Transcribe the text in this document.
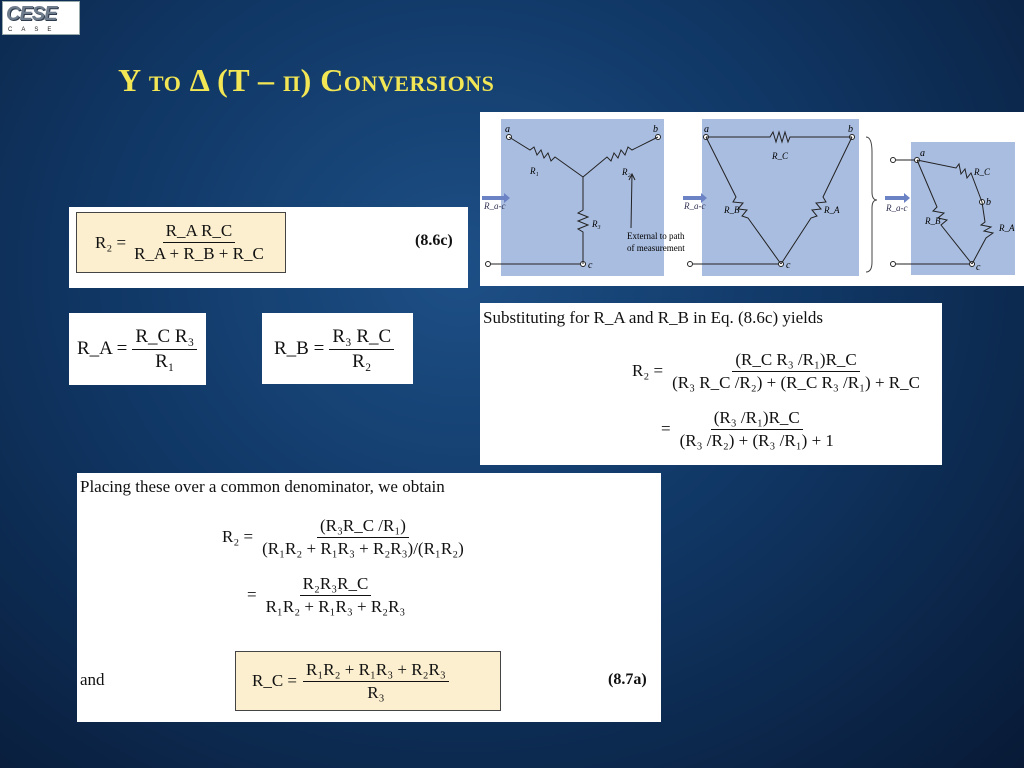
CESE
CASE
Y to Δ (T – π) Conversions
$R_2 = \frac{\text{R\_A R\_C}}{R\_A + R\_B + R\_C}$	(8.6c)
R_A = $\frac{\text{R\_C R₃}}{\text{R₁}}$	R_B = $\frac{\text{R₃ R\_C}}{\text{R₂}}$
a	b
c
R₁	R₂
R₃
R_a-c
External to path
of measurement
a	b
c
R_C
R_B	R_A
R_a-c
a
b
c
R_C
R_B
R_A
R_a-c
Substituting for R_A and R_B in Eq. (8.6c) yields
$R_2 = \frac{\text{(R\_C R₃ /R₁)R\_C}}{\text{(R₃ R\_C /R₂) + (R\_C R₃ /R₁) + R\_C}}$
= $\frac{\text{(R₃ /R₁)R\_C}}{\text{(R₃ /R₂) + (R₃ /R₁) + 1}}$
Placing these over a common denominator, we obtain
$R_2 = \frac{\text{(R₃R\_C /R₁)}}{\text{(R₁R₂ + R₁R₃ + R₂R₃)/(R₁R₂)}}$
= $\frac{\text{R₂R₃R\_C}}{\text{R₁R₂ + R₁R₃ + R₂R₃}}$
and	R_C = $\frac{\text{R₁R₂ + R₁R₃ + R₂R₃}}{\text{R₃}}$	(8.7a)
